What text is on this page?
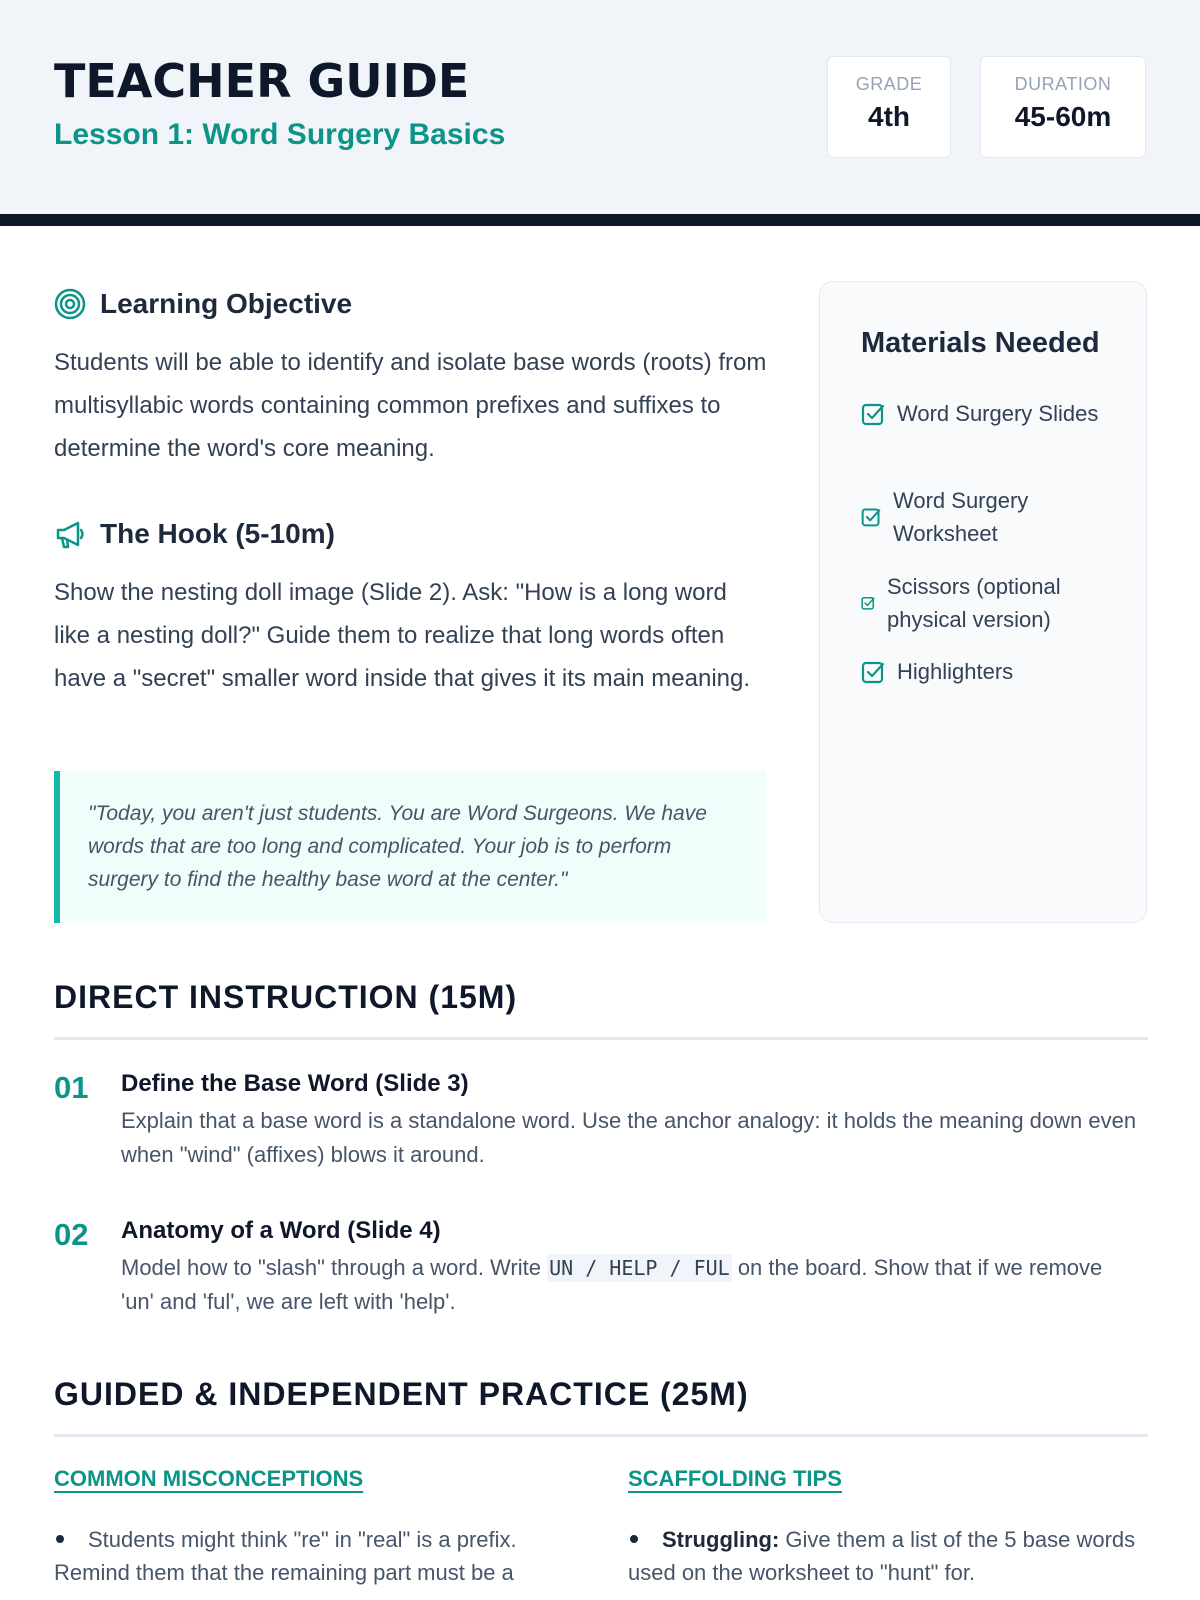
TEACHER GUIDE
Lesson 1: Word Surgery Basics
GRADE
4th
DURATION
45-60m
Learning Objective
Students will be able to identify and isolate base words (roots) from multisyllabic words containing common prefixes and suffixes to determine the word's core meaning.
The Hook (5-10m)
Show the nesting doll image (Slide 2). Ask: "How is a long word like a nesting doll?" Guide them to realize that long words often have a "secret" smaller word inside that gives it its main meaning.
"Today, you aren't just students. You are Word Surgeons. We have words that are too long and complicated. Your job is to perform surgery to find the healthy base word at the center."
Materials Needed
Word Surgery Slides
Word Surgery Worksheet
Scissors (optional physical version)
Highlighters
DIRECT INSTRUCTION (15M)
01 Define the Base Word (Slide 3)
Explain that a base word is a standalone word. Use the anchor analogy: it holds the meaning down even when "wind" (affixes) blows it around.
02 Anatomy of a Word (Slide 4)
Model how to "slash" through a word. Write UN / HELP / FUL on the board. Show that if we remove 'un' and 'ful', we are left with 'help'.
GUIDED & INDEPENDENT PRACTICE (25M)
COMMON MISCONCEPTIONS
Students might think "re" in "real" is a prefix. Remind them that the remaining part must be a
SCAFFOLDING TIPS
Struggling: Give them a list of the 5 base words used on the worksheet to "hunt" for.
